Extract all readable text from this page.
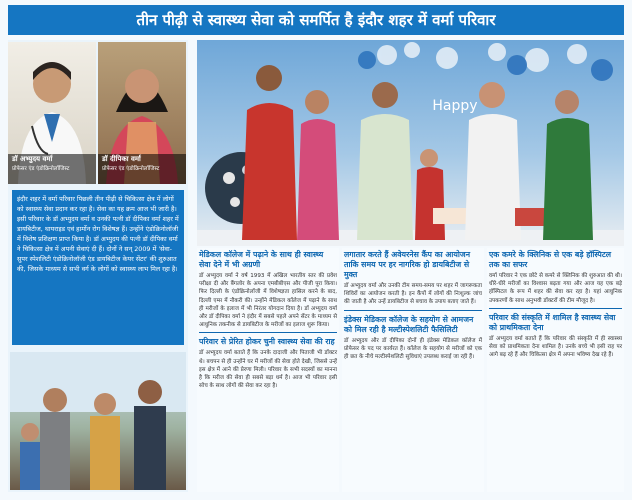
तीन पीढ़ी से स्वास्थ्य सेवा को समर्पित है इंदौर शहर में वर्मा परिवार
डॉ अभ्युदय वर्मा
प्रोफेसर एंड एंडोक्रिनोलॉजिस्ट
डॉ दीपिका वर्मा
प्रोफेसर एंड एंडोक्रिनोलॉजिस्ट
इंदौर शहर में वर्मा परिवार पिछली तीन पीढ़ी से चिकित्सा क्षेत्र में लोगों को स्वास्थ्य सेवा प्रदान कर रहा है। सेवा का यह क्रम आज भी जारी है। इसी परिवार के डॉ अभ्युदय वर्मा व उनकी पत्नी डॉ दीपिका वर्मा शहर में डायबिटीज, थायराइड एवं हार्मोन रोग विशेषज्ञ हैं। उन्होंने एंडोक्रिनोलॉजी में विशेष प्रशिक्षण प्राप्त किया है। डॉ अभ्युदय की पत्नी डॉ दीपिका वर्मा ने चिकित्सा क्षेत्र में अपनी सेवाएं दी हैं। दोनों ने सन् 2009 में 'सेवा- सुपर स्पेशलिटी एंडोक्रिनोलॉजी एंड डायबिटीज केयर सेंटर' की शुरुआत की, जिसके माध्यम से सभी वर्ग के लोगों को स्वास्थ्य लाभ मिल रहा है।
Happy
मेडिकल कॉलेज में पढ़ाने के साथ ही स्वास्थ्य सेवा देने में भी अग्रणी
डॉ अभ्युदय वर्मा ने वर्ष 1993 में अखिल भारतीय स्तर की प्रवेश परीक्षा दी और बैंगलोर के अपना एमबीबीएस और पीजी पूरा किया। फिर दिल्ली के एंडोक्रिनोलॉजी में विशेषज्ञता हासिल करने के बाद, दिल्ली एम्स में नौकरी की। उन्होंने मेडिकल कॉलेज में पढ़ाने के साथ ही मरीजों के इलाज में भी निरंतर योगदान दिया है। डॉ अभ्युदय वर्मा और डॉ दीपिका वर्मा ने इंदौर में सबसे पहले अपने सेंटर के माध्यम से आधुनिक तकनीक से डायबिटीज के मरीजों का इलाज शुरू किया।
परिवार से प्रेरित होकर चुनी स्वास्थ्य सेवा की राह
डॉ अभ्युदय वर्मा बताते हैं कि उनके दादाजी और पिताजी भी डॉक्टर थे। बचपन से ही उन्होंने घर में मरीजों की सेवा होते देखी, जिससे उन्हें इस क्षेत्र में आने की प्रेरणा मिली। परिवार के सभी सदस्यों का मानना है कि मरीज की सेवा ही सबसे बड़ा धर्म है। आज भी परिवार इसी सोच के साथ लोगों की सेवा कर रहा है।
लगातार करते हैं अवेयरनेस कैंप का आयोजन ताकि समय पर हर नागरिक हो डायबिटीज से मुक्त
डॉ अभ्युदय वर्मा और उनकी टीम समय-समय पर शहर में जागरूकता शिविरों का आयोजन करती है। इन कैंपों में लोगों की निःशुल्क जांच की जाती है और उन्हें डायबिटीज से बचाव के उपाय बताए जाते हैं।
इंडेक्स मेडिकल कॉलेज के सहयोग से आमजन को मिल रही है मल्टीस्पेशलिटी फैसिलिटी
डॉ अभ्युदय और डॉ दीपिका दोनों ही इंडेक्स मेडिकल कॉलेज में प्रोफेसर के पद पर कार्यरत हैं। कॉलेज के सहयोग से मरीजों को एक ही छत के नीचे मल्टीस्पेशलिटी सुविधाएं उपलब्ध कराई जा रही हैं।
एक कमरे के क्लिनिक से एक बड़े हॉस्पिटल तक का सफर
वर्मा परिवार ने एक छोटे से कमरे से क्लिनिक की शुरुआत की थी। धीरे-धीरे मरीजों का विश्वास बढ़ता गया और आज यह एक बड़े हॉस्पिटल के रूप में शहर की सेवा कर रहा है। यहां आधुनिक उपकरणों के साथ अनुभवी डॉक्टरों की टीम मौजूद है।
परिवार की संस्कृति में शामिल है स्वास्थ्य सेवा को प्राथमिकता देना
डॉ अभ्युदय वर्मा बताते हैं कि परिवार की संस्कृति में ही स्वास्थ्य सेवा को प्राथमिकता देना शामिल है। उनके बच्चे भी इसी राह पर आगे बढ़ रहे हैं और चिकित्सा क्षेत्र में अपना भविष्य देख रहे हैं।
